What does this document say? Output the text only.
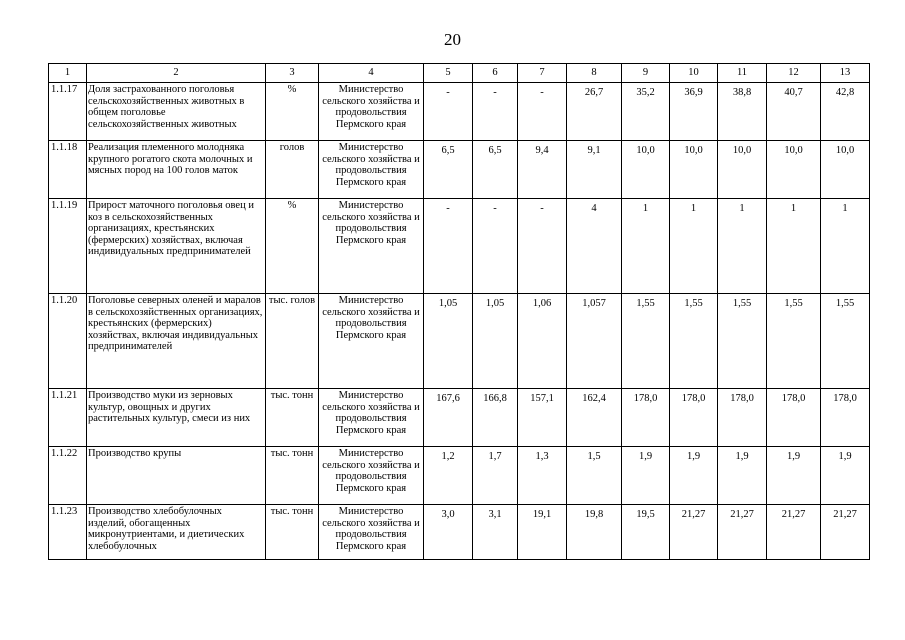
20
1	2	3	4	5	6	7	8	9	10	11	12	13
1.1.17	Доля застрахованного поголовья сельскохозяйственных животных в общем поголовье сельскохозяйственных животных	%	Министерство сельского хозяйства и продовольствия Пермского края	-	-	-	26,7	35,2	36,9	38,8	40,7	42,8
1.1.18	Реализация племенного молодняка крупного рогатого скота молочных и мясных пород на 100 голов маток	голов	Министерство сельского хозяйства и продовольствия Пермского края	6,5	6,5	9,4	9,1	10,0	10,0	10,0	10,0	10,0
1.1.19	Прирост маточного поголовья овец и коз в сельскохозяйственных организациях, крестьянских (фермерских) хозяйствах, включая индивидуальных предпринимателей	%	Министерство сельского хозяйства и продовольствия Пермского края	-	-	-	4	1	1	1	1	1
1.1.20	Поголовье северных оленей и маралов в сельскохозяйственных организациях, крестьянских (фермерских) хозяйствах, включая индивидуальных предпринимателей	тыс. голов	Министерство сельского хозяйства и продовольствия Пермского края	1,05	1,05	1,06	1,057	1,55	1,55	1,55	1,55	1,55
1.1.21	Производство муки из зерновых культур, овощных и других растительных культур, смеси из них	тыс. тонн	Министерство сельского хозяйства и продовольствия Пермского края	167,6	166,8	157,1	162,4	178,0	178,0	178,0	178,0	178,0
1.1.22	Производство крупы	тыс. тонн	Министерство сельского хозяйства и продовольствия Пермского края	1,2	1,7	1,3	1,5	1,9	1,9	1,9	1,9	1,9
1.1.23	Производство хлебобулочных изделий, обогащенных микронутриентами, и диетических хлебобулочных	тыс. тонн	Министерство сельского хозяйства и продовольствия Пермского края	3,0	3,1	19,1	19,8	19,5	21,27	21,27	21,27	21,27
